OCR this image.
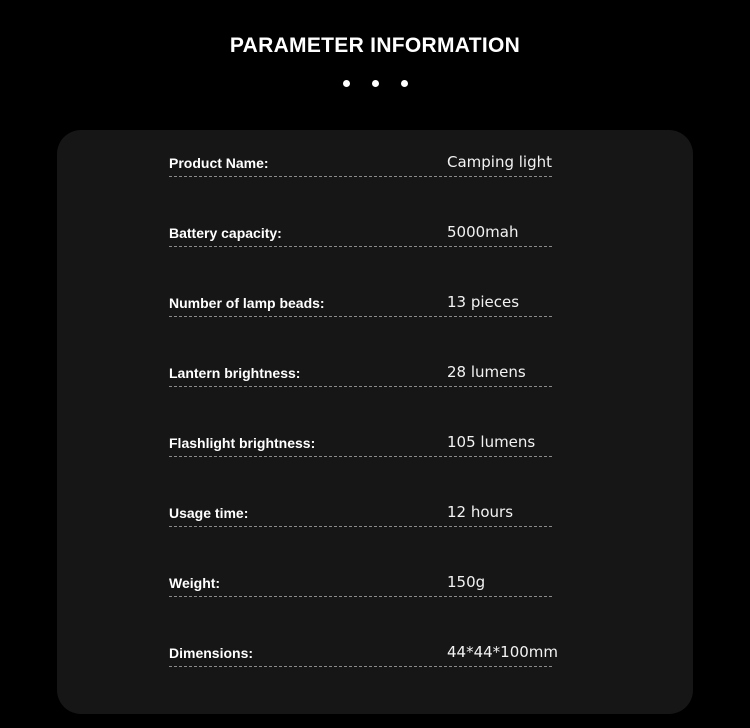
PARAMETER INFORMATION
Product Name:	Camping light
Battery capacity:	5000mah
Number of lamp beads:	13 pieces
Lantern brightness:	28 lumens
Flashlight brightness:	105 lumens
Usage time:	12 hours
Weight:	150g
Dimensions:	44*44*100mm
